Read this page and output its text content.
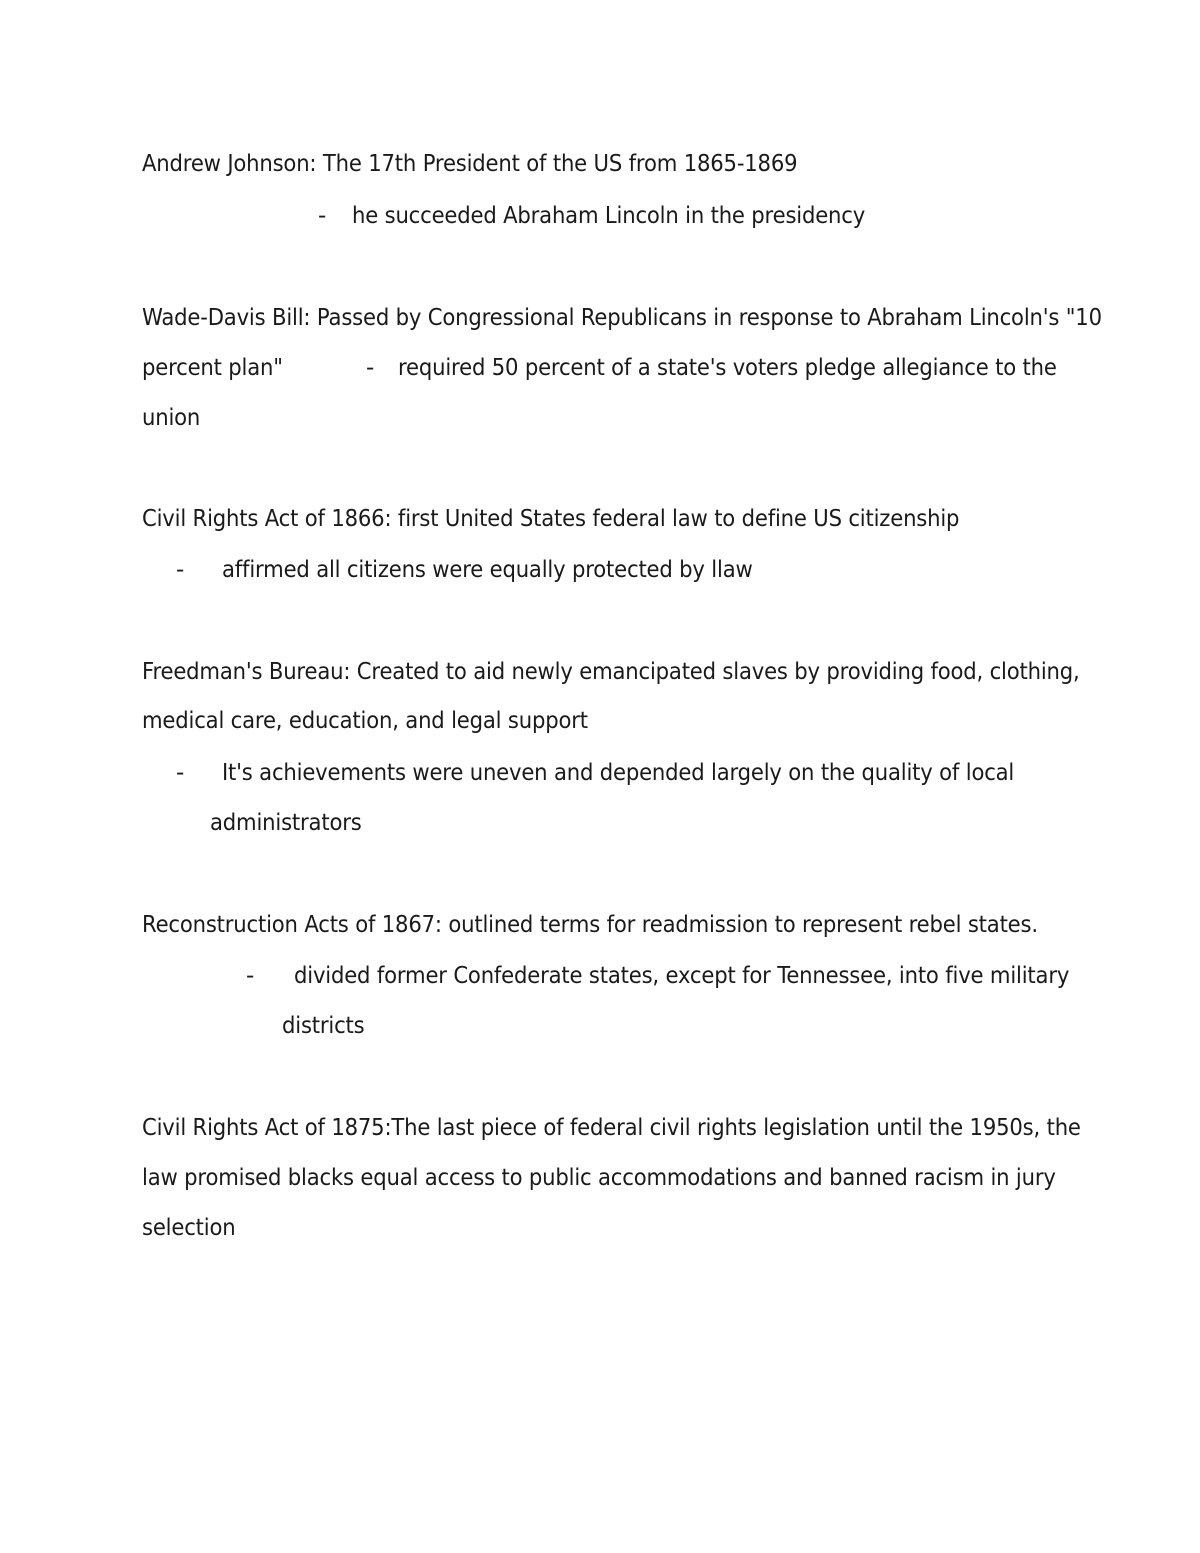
Andrew Johnson: The 17th President of the US from 1865-1869
- he succeeded Abraham Lincoln in the presidency
Wade-Davis Bill: Passed by Congressional Republicans in response to Abraham Lincoln's "10
percent plan"	- required 50 percent of a state's voters pledge allegiance to the
union
Civil Rights Act of 1866: first United States federal law to define US citizenship
- affirmed all citizens were equally protected by llaw
Freedman's Bureau: Created to aid newly emancipated slaves by providing food, clothing,
medical care, education, and legal support
- It's achievements were uneven and depended largely on the quality of local
administrators
Reconstruction Acts of 1867: outlined terms for readmission to represent rebel states.
- divided former Confederate states, except for Tennessee, into five military
districts
Civil Rights Act of 1875:The last piece of federal civil rights legislation until the 1950s, the
law promised blacks equal access to public accommodations and banned racism in jury
selection
